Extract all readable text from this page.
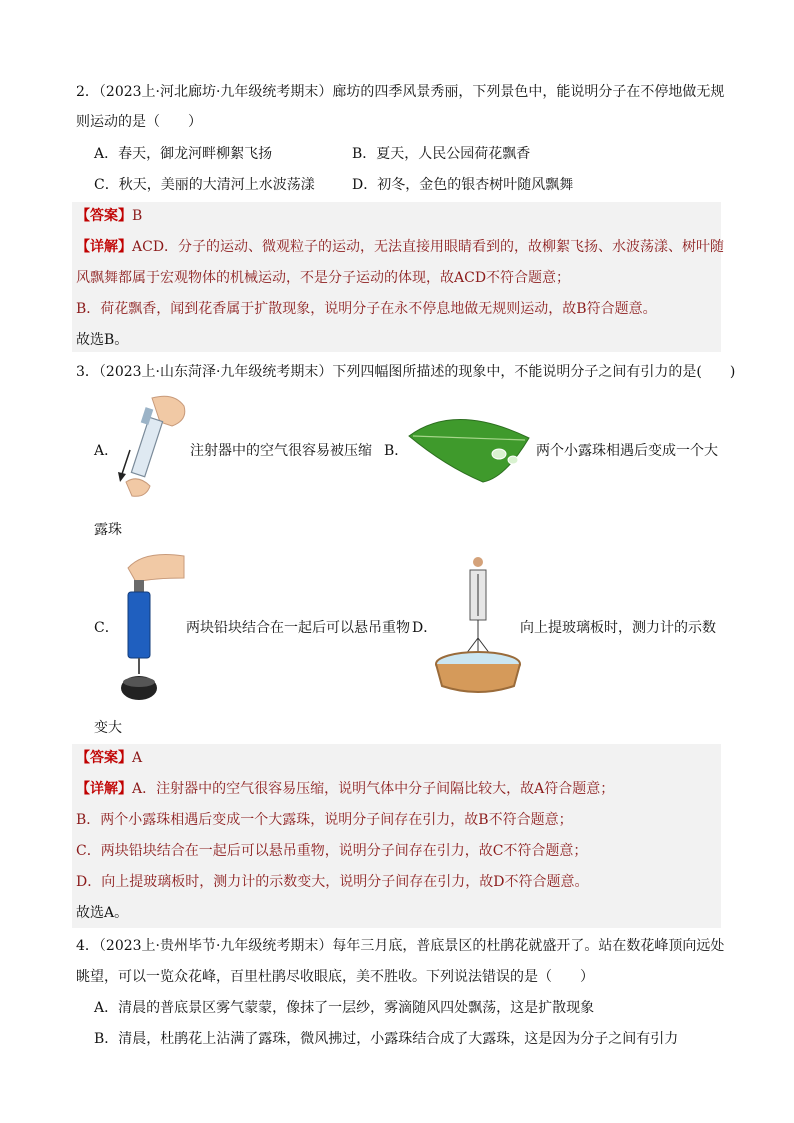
2．（2023上·河北廊坊·九年级统考期末）廊坊的四季风景秀丽，下列景色中，能说明分子在不停地做无规
则运动的是（　　）
A．春天，御龙河畔柳絮飞扬	B．夏天，人民公园荷花飘香
C．秋天，美丽的大清河上水波荡漾	D．初冬，金色的银杏树叶随风飘舞
【答案】B
【详解】ACD．分子的运动、微观粒子的运动，无法直接用眼睛看到的，故柳絮飞扬、水波荡漾、树叶随
风飘舞都属于宏观物体的机械运动，不是分子运动的体现，故ACD不符合题意；
B．荷花飘香，闻到花香属于扩散现象，说明分子在永不停息地做无规则运动，故B符合题意。
故选B。
3．（2023上·山东菏泽·九年级统考期末）下列四幅图所描述的现象中，不能说明分子之间有引力的是(　　)
A．	注射器中的空气很容易被压缩 B．	两个小露珠相遇后变成一个大
露珠
C．	两块铅块结合在一起后可以悬吊重物 D．	向上提玻璃板时，测力计的示数
变大
【答案】A
【详解】A．注射器中的空气很容易压缩，说明气体中分子间隔比较大，故A符合题意；
B．两个小露珠相遇后变成一个大露珠，说明分子间存在引力，故B不符合题意；
C．两块铅块结合在一起后可以悬吊重物，说明分子间存在引力，故C不符合题意；
D．向上提玻璃板时，测力计的示数变大，说明分子间存在引力，故D不符合题意。
故选A。
4．（2023上·贵州毕节·九年级统考期末）每年三月底，普底景区的杜鹃花就盛开了。站在数花峰顶向远处
眺望，可以一览众花峰，百里杜鹃尽收眼底，美不胜收。下列说法错误的是（　　）
A．清晨的普底景区雾气蒙蒙，像抹了一层纱，雾滴随风四处飘荡，这是扩散现象
B．清晨，杜鹃花上沾满了露珠，微风拂过，小露珠结合成了大露珠，这是因为分子之间有引力
